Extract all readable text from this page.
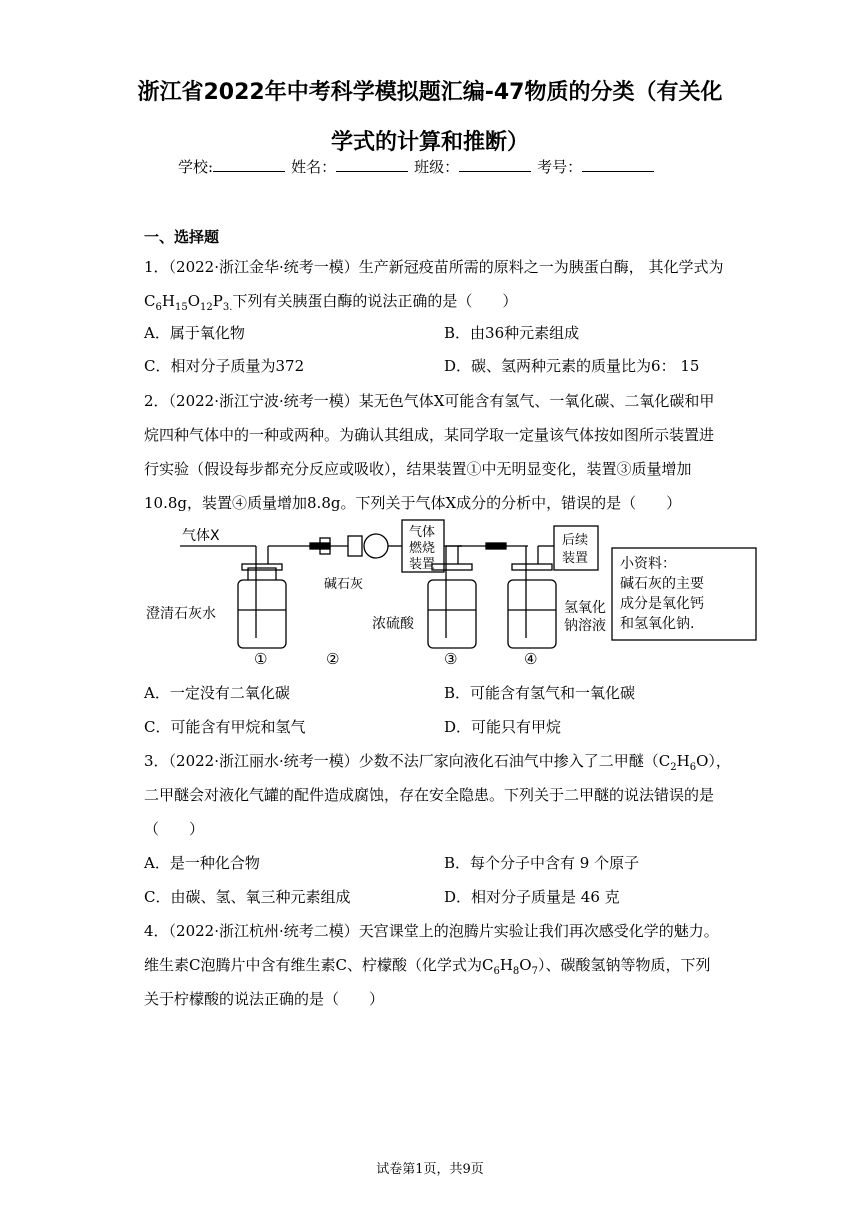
浙江省2022年中考科学模拟题汇编-47物质的分类（有关化
学式的计算和推断）
学校:	姓名：	班级：	考号：
一、选择题
1．（2022·浙江金华·统考一模）生产新冠疫苗所需的原料之一为胰蛋白酶， 其化学式为
$C_6H_{15}O_{12}P_{3.}$下列有关胰蛋白酶的说法正确的是（　　）
A．属于氧化物	B．由36种元素组成
C．相对分子质量为372	D．碳、氢两种元素的质量比为6： 15
2．（2022·浙江宁波·统考一模）某无色气体X可能含有氢气、一氧化碳、二氧化碳和甲
烷四种气体中的一种或两种。为确认其组成，某同学取一定量该气体按如图所示装置进
行实验（假设每步都充分反应或吸收），结果装置①中无明显变化，装置③质量增加
10.8g，装置④质量增加8.8g。下列关于气体X成分的分析中，错误的是（　　）
气体X
澄清石灰水
碱石灰
气体
燃烧
装置
浓硫酸
氢氧化
钠溶液
后续
装置 小资料：
碱石灰的主要
成分是氧化钙
和氢氧化钠.
①	②	③	④
A．一定没有二氧化碳	B．可能含有氢气和一氧化碳
C．可能含有甲烷和氢气	D．可能只有甲烷
3．（2022·浙江丽水·统考一模）少数不法厂家向液化石油气中掺入了二甲醚$(C_2H_6O)$，
二甲醚会对液化气罐的配件造成腐蚀，存在安全隐患。下列关于二甲醚的说法错误的是
（　　）
A．是一种化合物	B．每个分子中含有 9 个原子
C．由碳、氢、氧三种元素组成	D．相对分子质量是 46 克
4．（2022·浙江杭州·统考二模）天宫课堂上的泡腾片实验让我们再次感受化学的魅力。
维生素C泡腾片中含有维生素C、柠檬酸（化学式为$C_6H_8O_7$）、碳酸氢钠等物质，下列
关于柠檬酸的说法正确的是（　　）
试卷第1页，共9页
